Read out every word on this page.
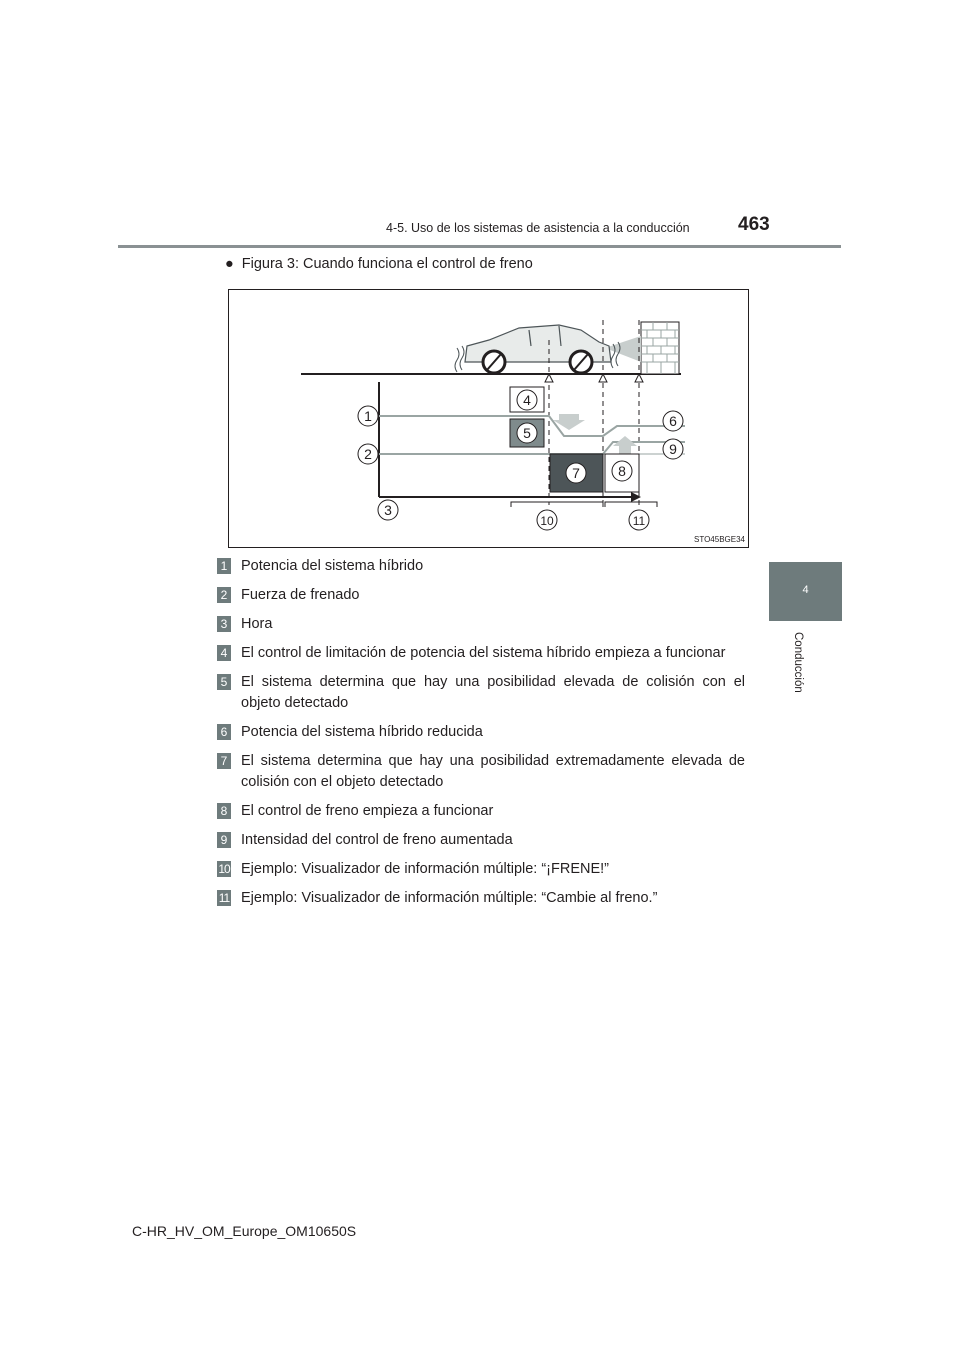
4-5. Uso de los sistemas de asistencia a la conducción	463
4
Conducción
● Figura 3: Cuando funciona el control de freno
1
2
3
4
5
6
7	8
9
10	11
STO45BGE34
1 Potencia del sistema híbrido
2 Fuerza de frenado
3 Hora
4 El control de limitación de potencia del sistema híbrido empieza a funcionar
5 El sistema determina que hay una posibilidad elevada de colisión con el objeto detectado
6 Potencia del sistema híbrido reducida
7 El sistema determina que hay una posibilidad extremadamente elevada de colisión con el objeto detectado
8 El control de freno empieza a funcionar
9 Intensidad del control de freno aumentada
10 Ejemplo: Visualizador de información múltiple: “¡FRENE!”
11 Ejemplo: Visualizador de información múltiple: “Cambie al freno.”
C-HR_HV_OM_Europe_OM10650S
